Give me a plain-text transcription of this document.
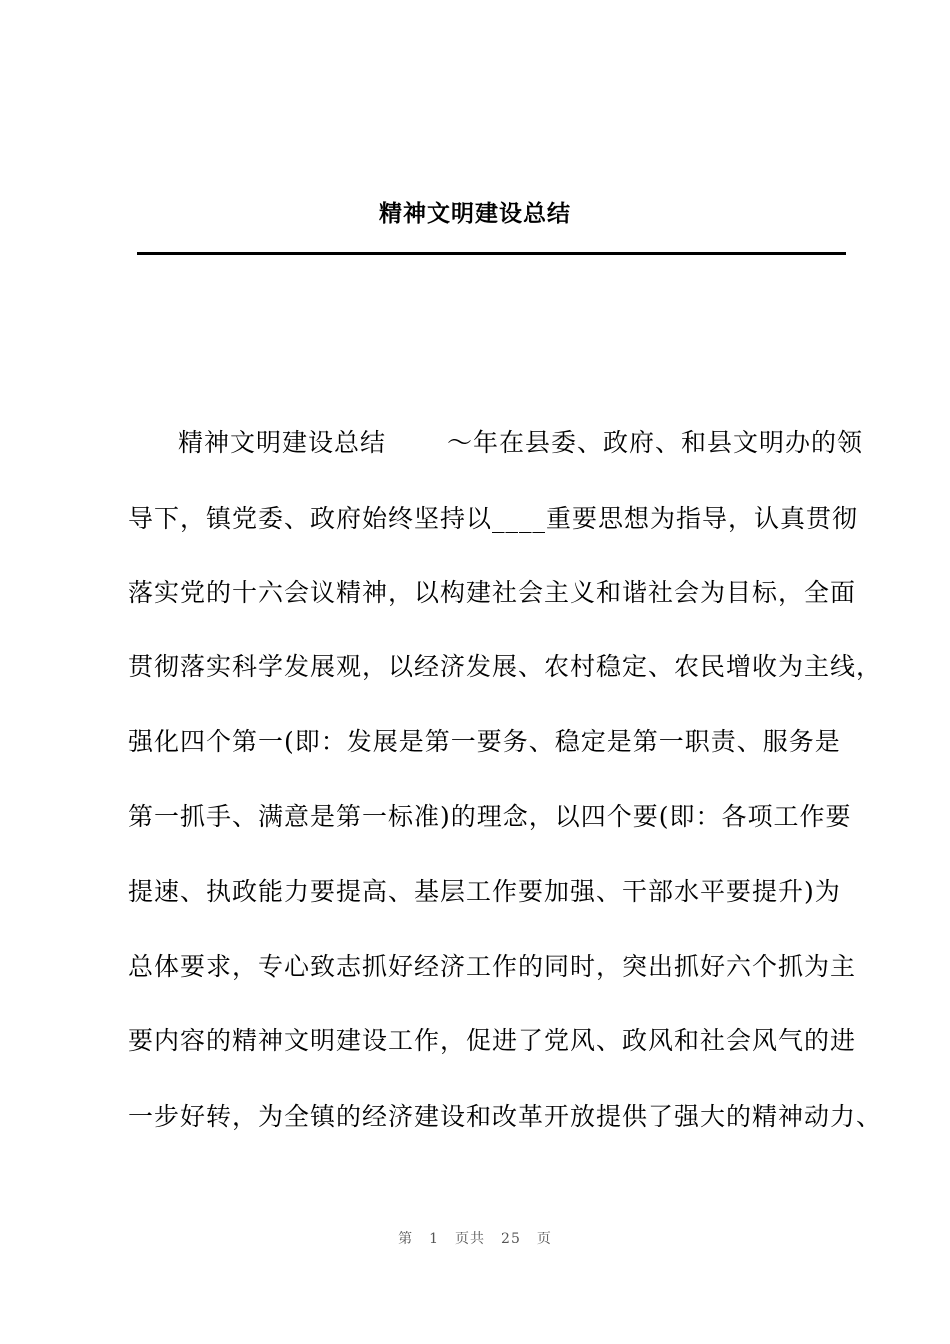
精神文明建设总结
精神文明建设总结　　 ～年在县委、政府、和县文明办的领
导下，镇党委、政府始终坚持以____重要思想为指导，认真贯彻
落实党的十六会议精神，以构建社会主义和谐社会为目标，全面
贯彻落实科学发展观，以经济发展、农村稳定、农民增收为主线，
强化四个第一(即：发展是第一要务、稳定是第一职责、服务是
第一抓手、满意是第一标准)的理念，以四个要(即：各项工作要
提速、执政能力要提高、基层工作要加强、干部水平要提升)为
总体要求，专心致志抓好经济工作的同时，突出抓好六个抓为主
要内容的精神文明建设工作，促进了党风、政风和社会风气的进
一步好转，为全镇的经济建设和改革开放提供了强大的精神动力、
第 1 页共 25 页
